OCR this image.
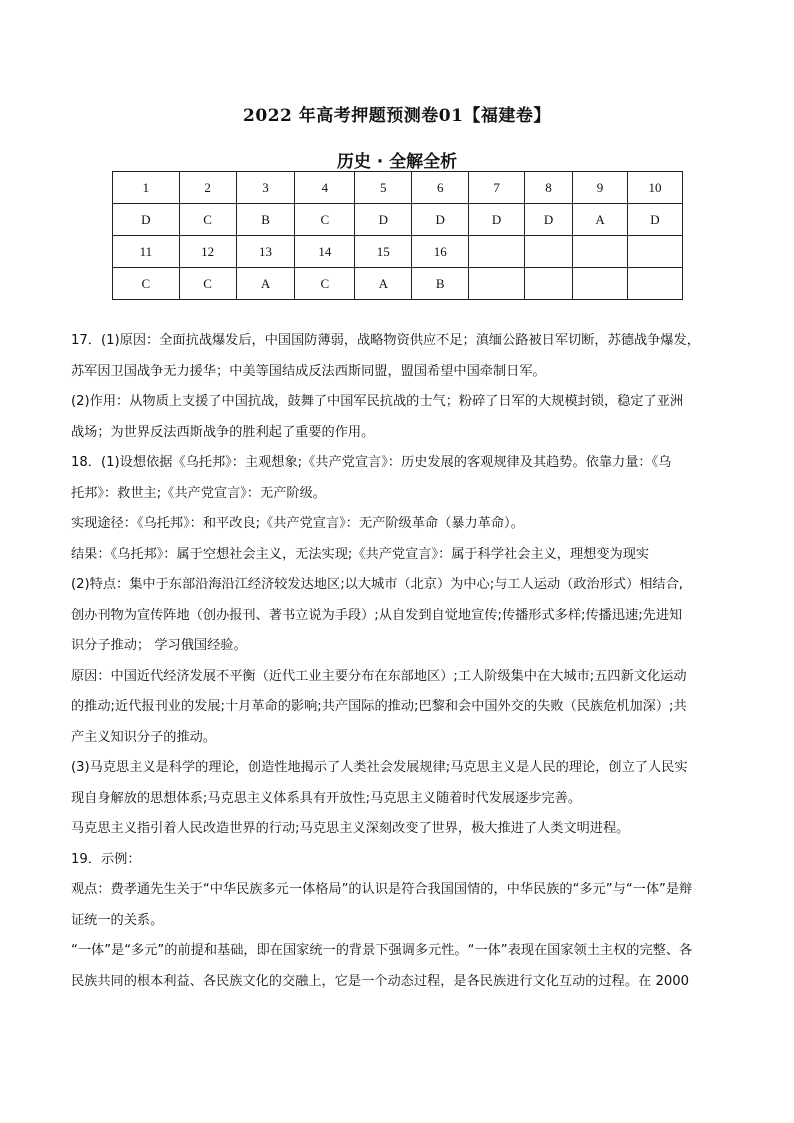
2022 年高考押题预测卷01【福建卷】
历史 · 全解全析
1	2	3	4	5	6	7	8	9	10
D	C	B	C	D	D	D	D	A	D
11	12	13	14	15	16				
C	C	A	C	A	B				

17．(1)原因：全面抗战爆发后，中国国防薄弱，战略物资供应不足；滇缅公路被日军切断，苏德战争爆发，

苏军因卫国战争无力援华；中美等国结成反法西斯同盟，盟国希望中国牵制日军。

(2)作用：从物质上支援了中国抗战，鼓舞了中国军民抗战的士气；粉碎了日军的大规模封锁，稳定了亚洲

战场；为世界反法西斯战争的胜利起了重要的作用。

18．(1)设想依据《乌托邦》：主观想象;《共产党宣言》：历史发展的客观规律及其趋势。依靠力量：《乌

托邦》：救世主;《共产党宣言》：无产阶级。

实现途径：《乌托邦》：和平改良;《共产党宣言》：无产阶级革命（暴力革命）。

结果：《乌托邦》：属于空想社会主义，无法实现;《共产党宣言》：属于科学社会主义，理想变为现实

(2)特点：集中于东部沿海沿江经济较发达地区;以大城市（北京）为中心;与工人运动（政治形式）相结合,

创办刊物为宣传阵地（创办报刊、著书立说为手段）;从自发到自觉地宣传;传播形式多样;传播迅速;先进知

识分子推动； 学习俄国经验。

原因：中国近代经济发展不平衡（近代工业主要分布在东部地区）;工人阶级集中在大城市;五四新文化运动

的推动;近代报刊业的发展;十月革命的影响;共产国际的推动;巴黎和会中国外交的失败（民族危机加深）;共

产主义知识分子的推动。

(3)马克思主义是科学的理论，创造性地揭示了人类社会发展规律;马克思主义是人民的理论，创立了人民实

现自身解放的思想体系;马克思主义体系具有开放性;马克思主义随着时代发展逐步完善。

马克思主义指引着人民改造世界的行动;马克思主义深刻改变了世界，极大推进了人类文明进程。

19．示例：

观点：费孝通先生关于“中华民族多元一体格局”的认识是符合我国国情的，中华民族的“多元”与“一体”是辩

证统一的关系。

“一体”是“多元”的前提和基础，即在国家统一的背景下强调多元性。“一体”表现在国家领土主权的完整、各

民族共同的根本利益、各民族文化的交融上，它是一个动态过程，是各民族进行文化互动的过程。在 2000
